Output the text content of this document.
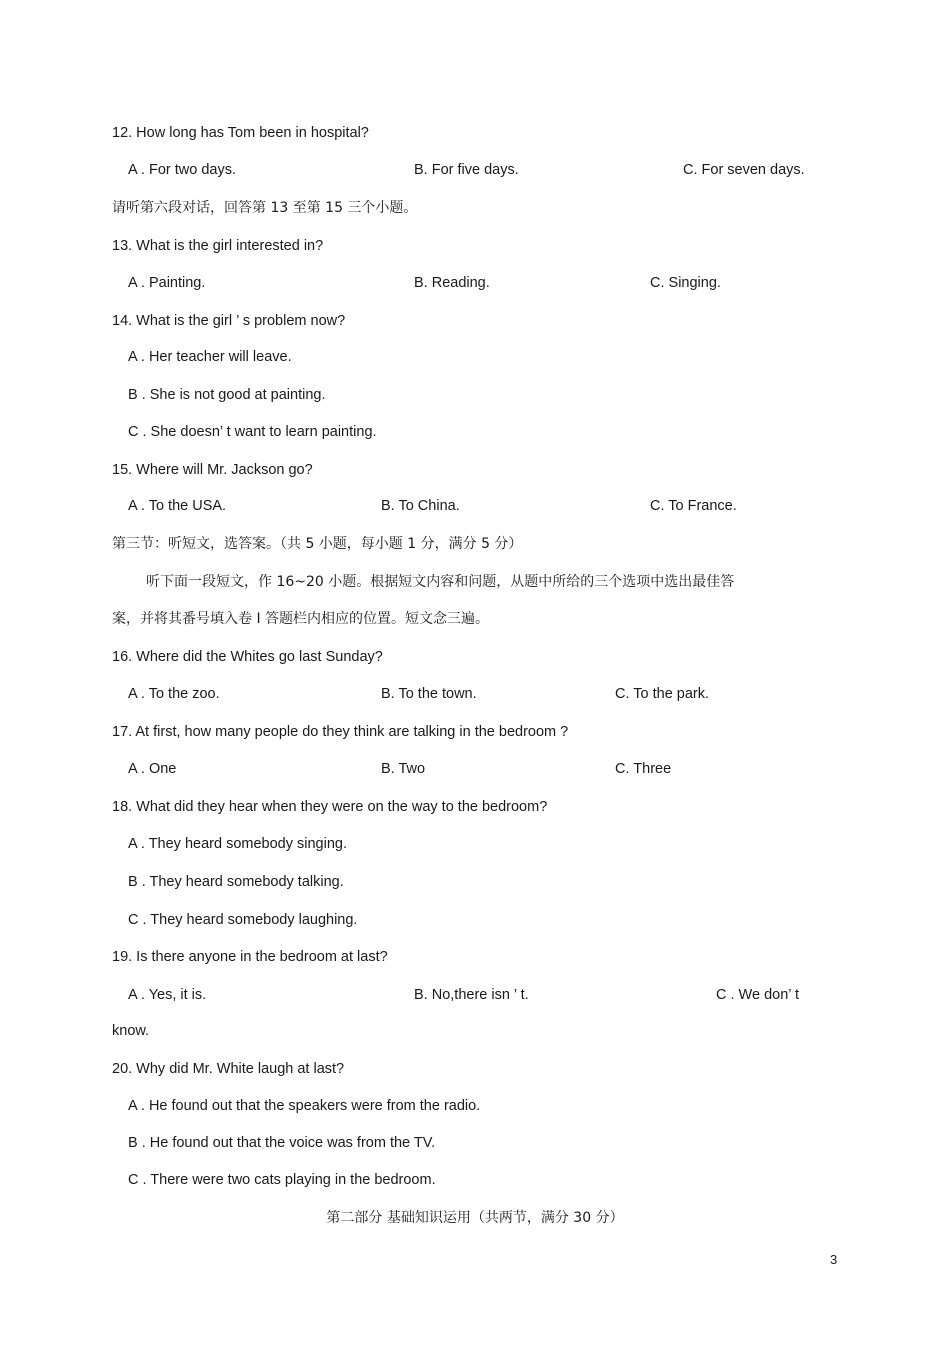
12. How long has Tom been in hospital?
A . For two days.	B. For five days.	C. For seven days.
请听第六段对话，回答第 13 至第 15 三个小题。
13. What is the girl interested in?
A . Painting.	B. Reading.	C. Singing.
14. What is the girl ’ s problem now?
A . Her teacher will leave.
B . She is not good at painting.
C . She doesn’ t want to learn painting.
15. Where will Mr. Jackson go?
A . To the USA.	B. To China.	C. To France.
第三节：听短文，选答案。（共 5 小题，每小题 1 分，满分 5 分）
听下面一段短文，作 16~20 小题。根据短文内容和问题，从题中所给的三个选项中选出最佳答
案，并将其番号填入卷 I 答题栏内相应的位置。短文念三遍。
16. Where did the Whites go last Sunday?
A . To the zoo.	B. To the town.	C. To the park.
17. At first, how many people do they think are talking in the bedroom ?
A . One	B. Two	C. Three
18. What did they hear when they were on the way to the bedroom?
A . They heard somebody singing.
B . They heard somebody talking.
C . They heard somebody laughing.
19. Is there anyone in the bedroom at last?
A . Yes, it is.	B. No,there isn ’ t.	C . We don’ t
know.
20. Why did Mr. White laugh at last?
A . He found out that the speakers were from the radio.
B . He found out that the voice was from the TV.
C . There were two cats playing in the bedroom.
第二部分 基础知识运用（共两节，满分 30 分）
3
